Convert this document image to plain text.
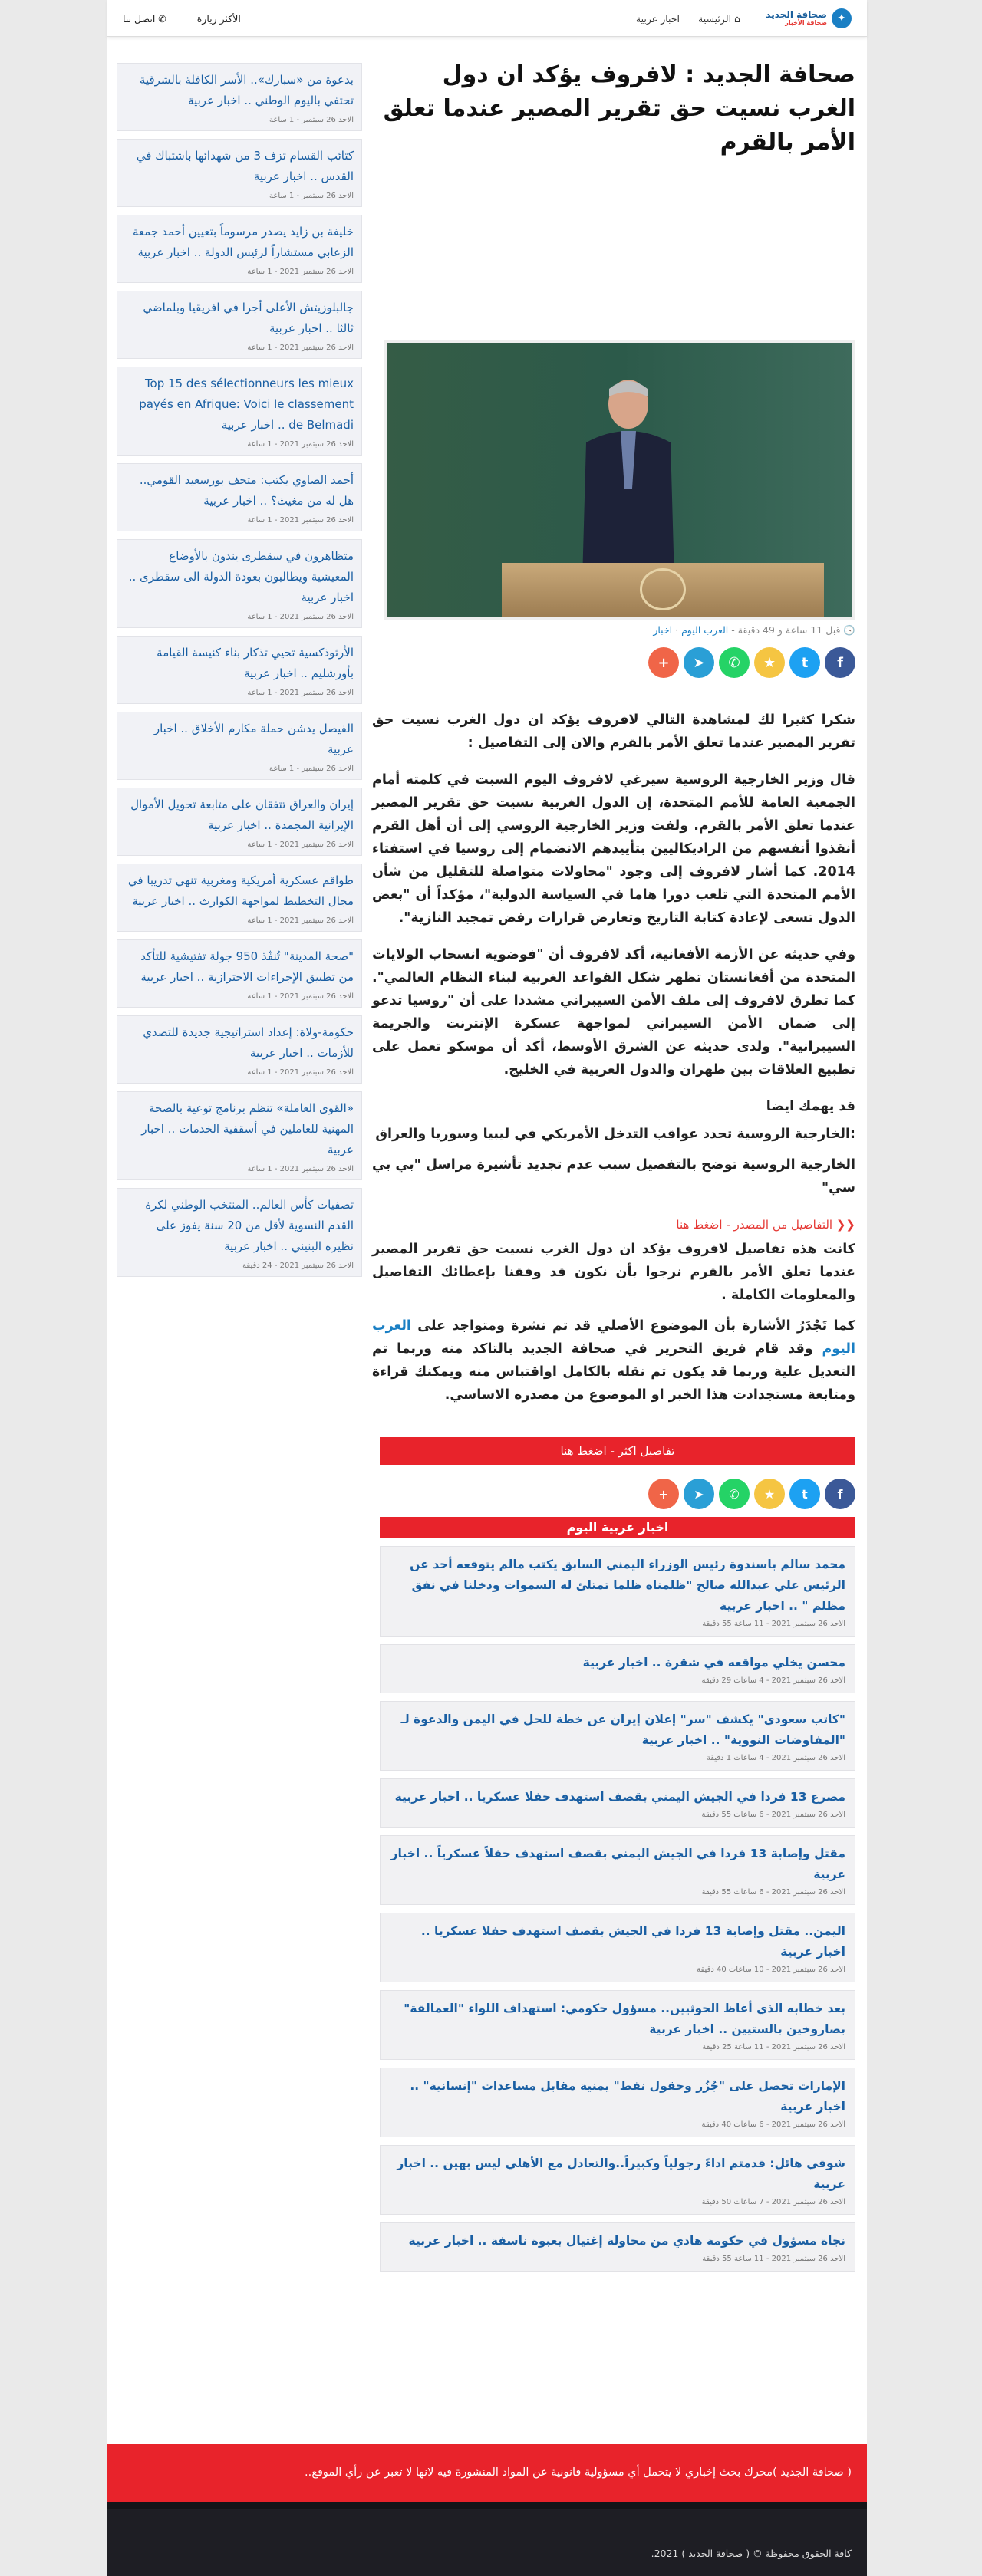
✦
صحافة الجديد
صحافة الأخبار
⌂ الرئيسية
اخبار عربية
الأكثر زيارة
✆ اتصل بنا
صحافة الجديد : لافروف يؤكد ان دول الغرب نسيت حق تقرير المصير عندما تعلق الأمر بالقرم
🕓 قبل 11 ساعة و 49 دقيقة - العرب اليوم · اخبار
f
t
★
✆
➤
+

شكرا كثيرا لك لمشاهدة التالي لافروف يؤكد ان دول الغرب نسيت حق تقرير المصير عندما تعلق الأمر بالقرم والان إلى التفاصيل :

قال وزير الخارجية الروسية سيرغي لافروف اليوم السبت في كلمته أمام الجمعية العامة للأمم المتحدة، إن الدول الغربية نسيت حق تقرير المصير عندما تعلق الأمر بالقرم. ولفت وزير الخارجية الروسي إلى أن أهل القرم أنقذوا أنفسهم من الراديكاليين بتأييدهم الانضمام إلى روسيا في استفتاء 2014. كما أشار لافروف إلى وجود "محاولات متواصلة للتقليل من شأن الأمم المتحدة التي تلعب دورا هاما في السياسة الدولية"، مؤكداً أن "بعض الدول تسعى لإعادة كتابة التاريخ وتعارض قرارات رفض تمجيد النازية".

وفي حديثه عن الأزمة الأفغانية، أكد لافروف أن "فوضوية انسحاب الولايات المتحدة من أفغانستان تظهر شكل القواعد الغربية لبناء النظام العالمي". كما تطرق لافروف إلى ملف الأمن السيبراني مشددا على أن "روسيا تدعو إلى ضمان الأمن السيبراني لمواجهة عسكرة الإنترنت والجريمة السيبرانية". ولدى حديثه عن الشرق الأوسط، أكد أن موسكو تعمل على تطبيع العلاقات بين طهران والدول العربية في الخليج.

قد يهمك ايضا

:الخارجية الروسية تحدد عواقب التدخل الأمريكي في ليبيا وسوريا والعراق

الخارجية الروسية توضح بالتفصيل سبب عدم تجديد تأشيرة مراسل "بي بي سي"

❮❮ التفاصيل من المصدر - اضغط هنا

كانت هذه تفاصيل لافروف يؤكد ان دول الغرب نسيت حق تقرير المصير عندما تعلق الأمر بالقرم نرجوا بأن نكون قد وفقنا بإعطائك التفاصيل والمعلومات الكاملة .

كما تَجْدَرُ الأشارة بأن الموضوع الأصلي قد تم نشرة ومتواجد على العرب اليوم وقد قام فريق التحرير في صحافة الجديد بالتاكد منه وربما تم التعديل علية وربما قد يكون تم نقله بالكامل اواقتباس منه ويمكنك قراءة ومتابعة مستجدادت هذا الخبر او الموضوع من مصدره الاساسي.

تفاصيل اكثر - اضغط هنا
f
t
★
✆
➤
+
اخبار عربية اليوم
محمد سالم باسندوة رئيس الوزراء اليمني السابق يكتب مالم يتوقعه أحد عن الرئيس علي عبدالله صالح "ظلمناه ظلما تمتلئ له السموات ودخلنا في نفق مظلم " .. اخبار عربية
الاحد 26 سبتمبر 2021 - 11 ساعة 55 دقيقة
محسن يخلي مواقعه في شقرة .. اخبار عربية
الاحد 26 سبتمبر 2021 - 4 ساعات 29 دقيقة
"كاتب سعودي" يكشف "سر" إعلان إيران عن خطة للحل في اليمن والدعوة لـ "المفاوضات النووية" .. اخبار عربية
الاحد 26 سبتمبر 2021 - 4 ساعات 1 دقيقة
مصرع 13 فردا في الجيش اليمني بقصف استهدف حفلا عسكريا .. اخبار عربية
الاحد 26 سبتمبر 2021 - 6 ساعات 55 دقيقة
مقتل وإصابة 13 فردا في الجيش اليمني بقصف استهدف حفلاً عسكرياً .. اخبار عربية
الاحد 26 سبتمبر 2021 - 6 ساعات 55 دقيقة
اليمن.. مقتل وإصابة 13 فردا في الجيش بقصف استهدف حفلا عسكريا .. اخبار عربية
الاحد 26 سبتمبر 2021 - 10 ساعات 40 دقيقة
بعد خطابه الذي أغاظ الحوثيين.. مسؤول حكومي: استهداف اللواء "العمالقة" بصاروخين بالستيين .. اخبار عربية
الاحد 26 سبتمبر 2021 - 11 ساعة 25 دقيقة
الإمارات تحصل على "جُزُر وحقول نفط" يمنية مقابل مساعدات "إنسانية" .. اخبار عربية
الاحد 26 سبتمبر 2021 - 6 ساعات 40 دقيقة
شوقي هائل: قدمتم اداءً رجولياً وكبيراً..والتعادل مع الأهلي ليس بهين .. اخبار عربية
الاحد 26 سبتمبر 2021 - 7 ساعات 50 دقيقة
نجاة مسؤول في حكومة هادي من محاولة إغتيال بعبوة ناسفة .. اخبار عربية
الاحد 26 سبتمبر 2021 - 11 ساعة 55 دقيقة
بدعوة من «سبارك».. الأسر الكافلة بالشرقية تحتفي باليوم الوطني .. اخبار عربية
الاحد 26 سبتمبر - 1 ساعة
كتائب القسام تزف 3 من شهدائها باشتباك في القدس .. اخبار عربية
الاحد 26 سبتمبر - 1 ساعة
خليفة بن زايد يصدر مرسوماً بتعيين أحمد جمعة الزعابي مستشاراً لرئيس الدولة .. اخبار عربية
الاحد 26 سبتمبر 2021 - 1 ساعة
جالبلوزيتش الأعلى أجرا في افريقيا وبلماضي ثالثا .. اخبار عربية
الاحد 26 سبتمبر 2021 - 1 ساعة
Top 15 des sélectionneurs les mieux payés en Afrique: Voici le classement de Belmadi .. اخبار عربية
الاحد 26 سبتمبر 2021 - 1 ساعة
أحمد الصاوي يكتب: متحف بورسعيد القومي.. هل له من مغيث؟ .. اخبار عربية
الاحد 26 سبتمبر 2021 - 1 ساعة
متظاهرون في سقطرى يندون بالأوضاع المعيشية ويطالبون بعودة الدولة الى سقطرى .. اخبار عربية
الاحد 26 سبتمبر 2021 - 1 ساعة
الأرثوذكسية تحيي تذكار بناء كنيسة القيامة بأورشليم .. اخبار عربية
الاحد 26 سبتمبر 2021 - 1 ساعة
الفيصل يدشن حملة مكارم الأخلاق .. اخبار عربية
الاحد 26 سبتمبر - 1 ساعة
إيران والعراق تتفقان على متابعة تحويل الأموال الإيرانية المجمدة .. اخبار عربية
الاحد 26 سبتمبر 2021 - 1 ساعة
طواقم عسكرية أمريكية ومغربية تنهي تدريبا في مجال التخطيط لمواجهة الكوارث .. اخبار عربية
الاحد 26 سبتمبر 2021 - 1 ساعة
"صحة المدينة" تُنفّذ 950 جولة تفتيشية للتأكد من تطبيق الإجراءات الاحترازية .. اخبار عربية
الاحد 26 سبتمبر 2021 - 1 ساعة
حكومة-ولاة: إعداد استراتيجية جديدة للتصدي للأزمات .. اخبار عربية
الاحد 26 سبتمبر 2021 - 1 ساعة
«القوى العاملة» تنظم برنامج توعية بالصحة المهنية للعاملين في أسقفية الخدمات .. اخبار عربية
الاحد 26 سبتمبر 2021 - 1 ساعة
تصفيات كأس العالم.. المنتخب الوطني لكرة القدم النسوية لأقل من 20 سنة يفوز على نظيره البنيني .. اخبار عربية
الاحد 26 سبتمبر 2021 - 24 دقيقة
( صحافة الجديد )محرك بحث إخباري لا يتحمل أي مسؤولية قانونية عن المواد المنشورة فيه لانها لا تعبر عن رأي الموقع..
كافة الحقوق محفوظة © ( صحافة الجديد ) 2021.
